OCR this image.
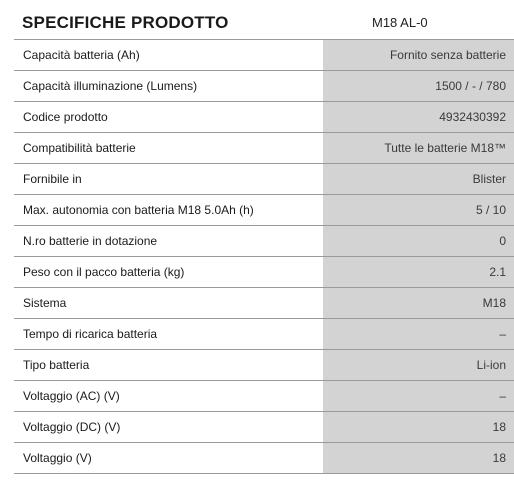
SPECIFICHE PRODOTTO	M18 AL-0
Capacità batteria (Ah)	Fornito senza batterie
Capacità illuminazione (Lumens)	1500 / - / 780
Codice prodotto	4932430392
Compatibilità batterie	Tutte le batterie M18™
Fornibile in	Blister
Max. autonomia con batteria M18 5.0Ah (h)	5 / 10
N.ro batterie in dotazione	0
Peso con il pacco batteria (kg)	2.1
Sistema	M18
Tempo di ricarica batteria	–
Tipo batteria	Li-ion
Voltaggio (AC) (V)	–
Voltaggio (DC) (V)	18
Voltaggio (V)	18
